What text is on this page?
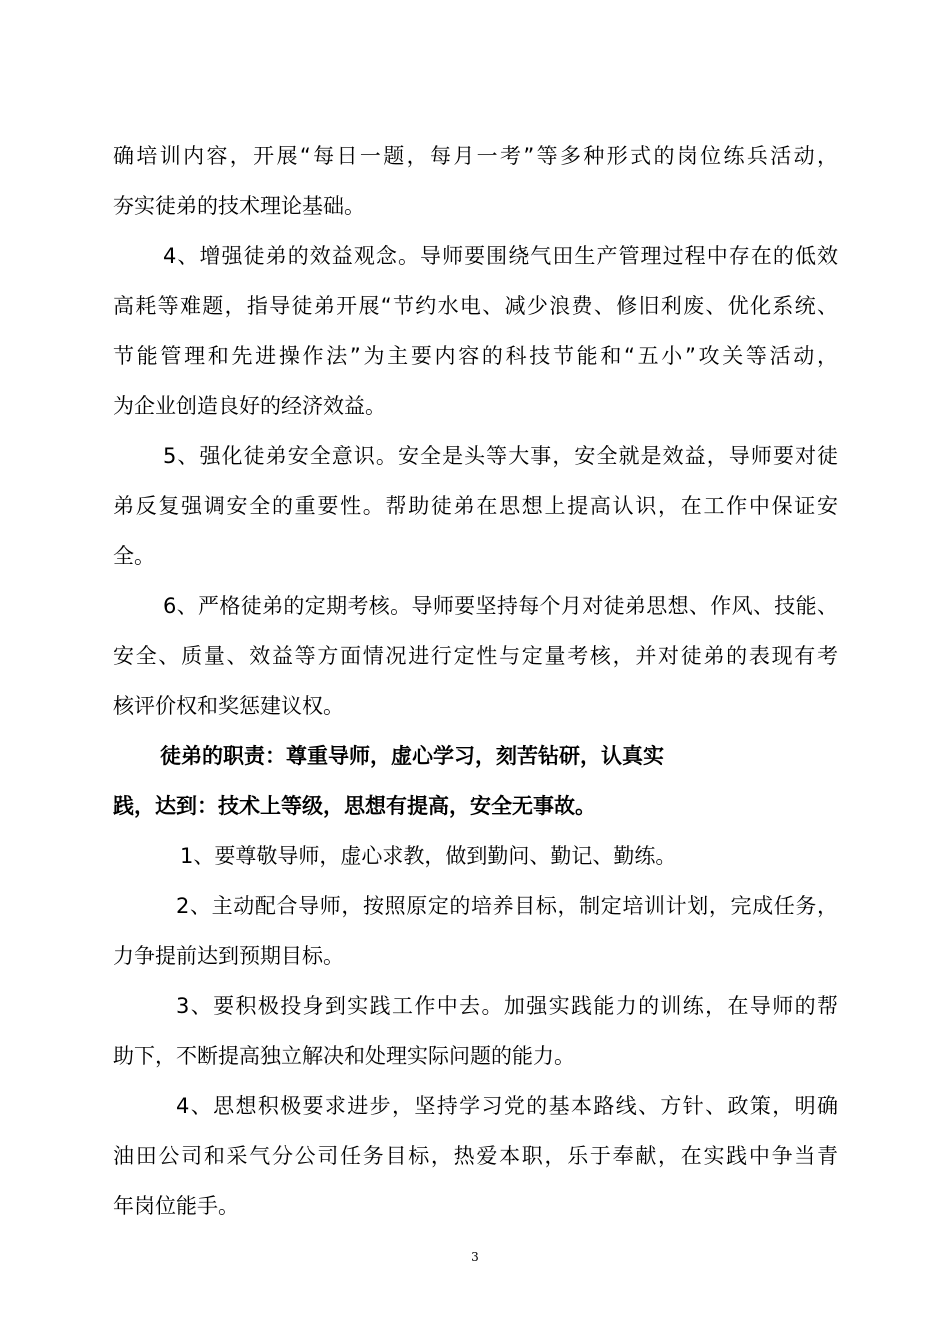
确培训内容，开展“每日一题，每月一考”等多种形式的岗位练兵活动，
夯实徒弟的技术理论基础。
4、增强徒弟的效益观念。导师要围绕气田生产管理过程中存在的低效
高耗等难题，指导徒弟开展“节约水电、减少浪费、修旧利废、优化系统、
节能管理和先进操作法”为主要内容的科技节能和“五小”攻关等活动，
为企业创造良好的经济效益。
5、强化徒弟安全意识。安全是头等大事，安全就是效益，导师要对徒
弟反复强调安全的重要性。帮助徒弟在思想上提高认识，在工作中保证安
全。
6、严格徒弟的定期考核。导师要坚持每个月对徒弟思想、作风、技能、
安全、质量、效益等方面情况进行定性与定量考核，并对徒弟的表现有考
核评价权和奖惩建议权。
徒弟的职责：尊重导师，虚心学习，刻苦钻研，认真实
践，达到：技术上等级，思想有提高，安全无事故。
1、要尊敬导师，虚心求教，做到勤问、勤记、勤练。
2、主动配合导师，按照原定的培养目标，制定培训计划，完成任务，
力争提前达到预期目标。
3、要积极投身到实践工作中去。加强实践能力的训练，在导师的帮
助下，不断提高独立解决和处理实际问题的能力。
4、思想积极要求进步，坚持学习党的基本路线、方针、政策，明确
油田公司和采气分公司任务目标，热爱本职，乐于奉献，在实践中争当青
年岗位能手。
3
